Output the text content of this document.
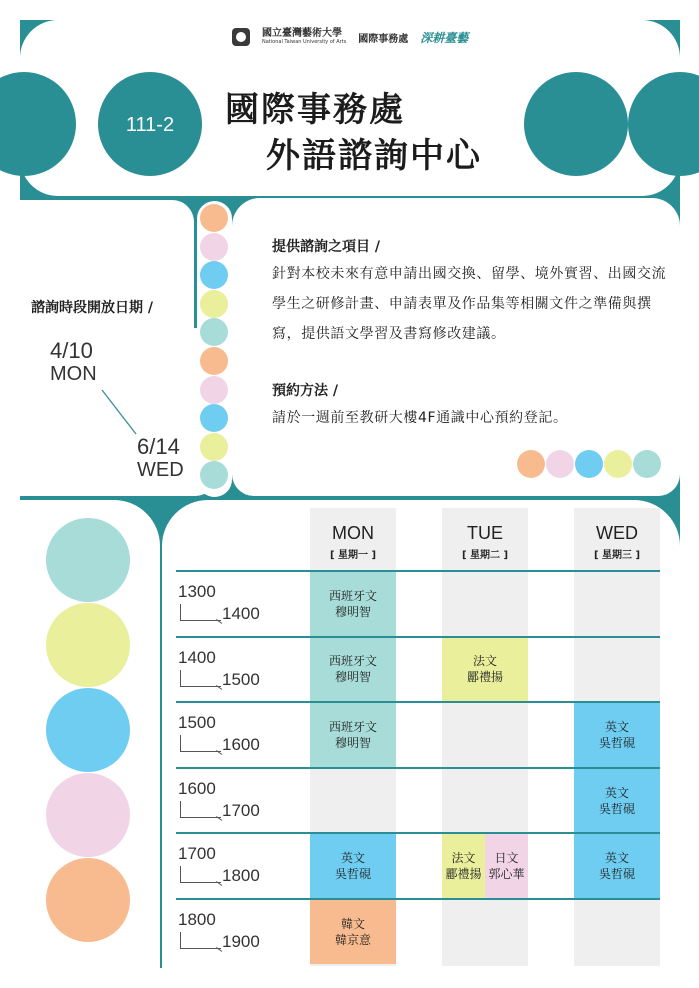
國立臺灣藝術大學
National Taiwan University of Arts 國際事務處 深耕臺藝
111-2	國際事務處
外語諮詢中心
諮詢時段開放日期 /
4/10
MON
6/14
WED
提供諮詢之項目 /
針對本校未來有意申請出國交換、留學、境外實習、出國交流學生之研修計畫、申請表單及作品集等相關文件之準備與撰寫，提供語文學習及書寫修改建議。
預約方法 /
請於一週前至教研大樓4F通識中心預約登記。
MON
[ 星期一 ]
TUE
[ 星期二 ]
WED
[ 星期三 ]
1300
1400
1400
1500
1500
1600
1600
1700
1700
1800
1800
1900
西班牙文
穆明智
西班牙文
穆明智
西班牙文
穆明智
英文
吳哲硯
韓文
韓京意
法文
酈禮揚
法文
酈禮揚
日文
郭心華
英文
吳哲硯
英文
吳哲硯
英文
吳哲硯
